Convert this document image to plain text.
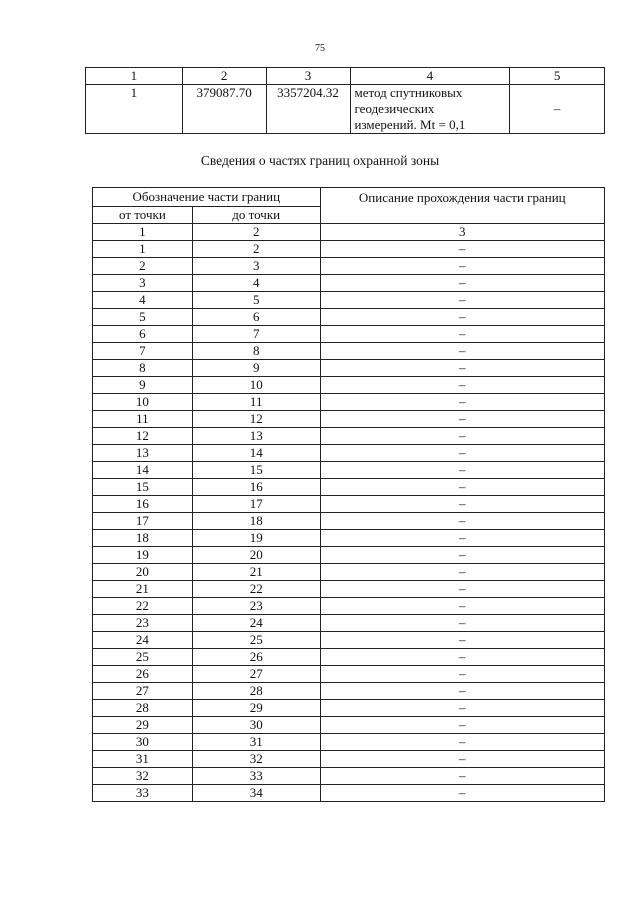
75
1	2	3	4	5
1	379087.70	3357204.32	метод спутниковых
геодезических
измерений. Mt = 0,1	–
Сведения о частях границ охранной зоны
Обозначение части границ		Описание прохождения части границ
от точки	до точки	
1	2	3
1	2	–
2	3	–
3	4	–
4	5	–
5	6	–
6	7	–
7	8	–
8	9	–
9	10	–
10	11	–
11	12	–
12	13	–
13	14	–
14	15	–
15	16	–
16	17	–
17	18	–
18	19	–
19	20	–
20	21	–
21	22	–
22	23	–
23	24	–
24	25	–
25	26	–
26	27	–
27	28	–
28	29	–
29	30	–
30	31	–
31	32	–
32	33	–
33	34	–
